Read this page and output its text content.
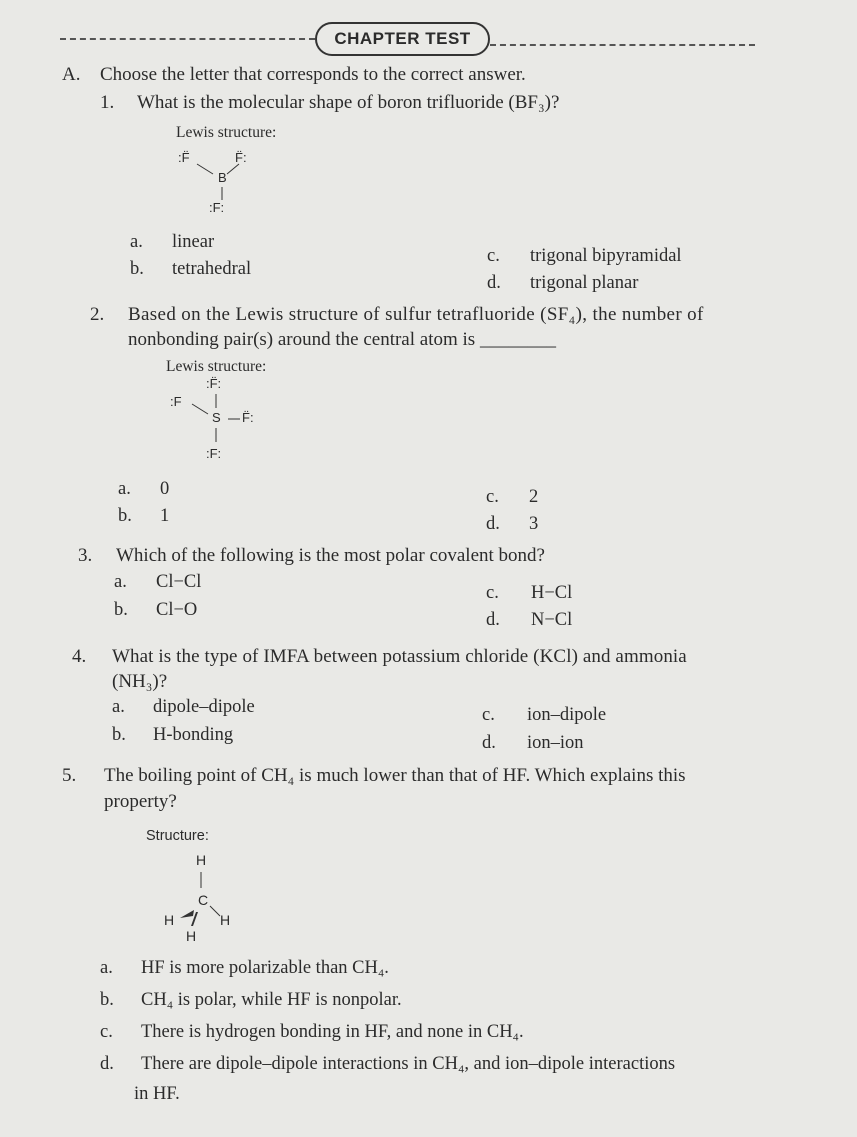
CHAPTER TEST
A. Choose the letter that corresponds to the correct answer.
1. What is the molecular shape of boron trifluoride (BF₃)?
Lewis structure:
:F̈	F̈:
B
:F:
a. linear
b. tetrahedral
c. trigonal bipyramidal
d. trigonal planar
2. Based on the Lewis structure of sulfur tetrafluoride (SF₄), the number of
nonbonding pair(s) around the central atom is ________
Lewis structure:
:F̈:
:F
S F̈:
:F:
a. 0
b. 1
c. 2
d. 3
3. Which of the following is the most polar covalent bond?
a. Cl−Cl
b. Cl−O
c. H−Cl
d. N−Cl
4. What is the type of IMFA between potassium chloride (KCl) and ammonia
(NH₃)?
a. dipole–dipole
b. H-bonding
c. ion–dipole
d. ion–ion
5. The boiling point of CH₄ is much lower than that of HF. Which explains this
property?
Structure:
H
C
H	H
H
a. HF is more polarizable than CH₄.
b. CH₄ is polar, while HF is nonpolar.
c. There is hydrogen bonding in HF, and none in CH₄.
d. There are dipole–dipole interactions in CH₄, and ion–dipole interactions
in HF.
